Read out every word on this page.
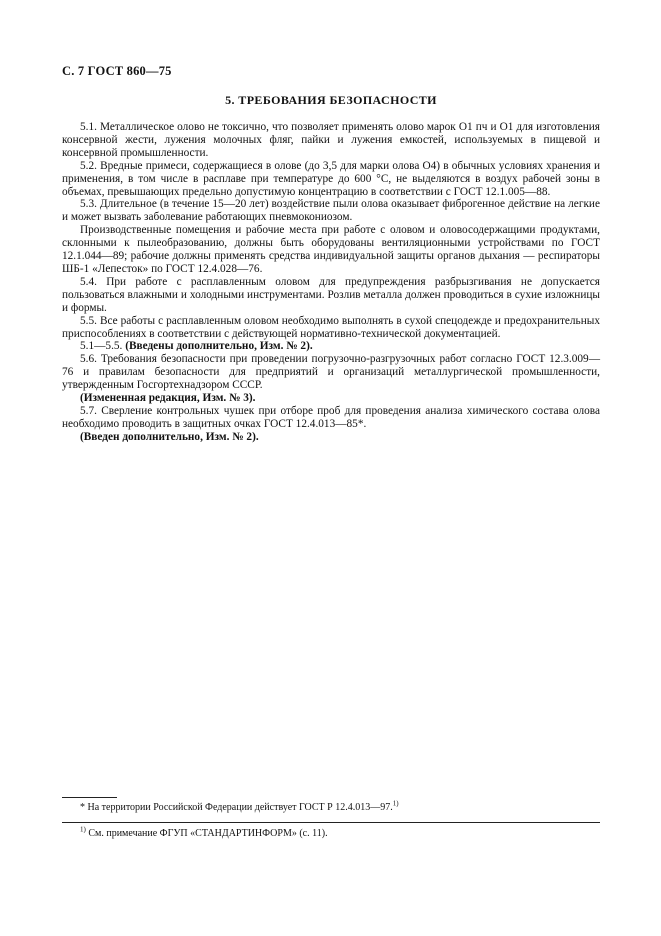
С. 7 ГОСТ 860—75
5. ТРЕБОВАНИЯ БЕЗОПАСНОСТИ

5.1. Металлическое олово не токсично, что позволяет применять олово марок О1 пч и О1 для изготовления консервной жести, лужения молочных фляг, пайки и лужения емкостей, используемых в пищевой и консервной промышленности.

5.2. Вредные примеси, содержащиеся в олове (до 3,5 для марки олова О4) в обычных условиях хранения и применения, в том числе в расплаве при температуре до 600 °С, не выделяются в воздух рабочей зоны в объемах, превышающих предельно допустимую концентрацию в соответствии с ГОСТ 12.1.005—88.

5.3. Длительное (в течение 15—20 лет) воздействие пыли олова оказывает фиброгенное действие на легкие и может вызвать заболевание работающих пневмокониозом.

Производственные помещения и рабочие места при работе с оловом и оловосодержащими продуктами, склонными к пылеобразованию, должны быть оборудованы вентиляционными устройствами по ГОСТ 12.1.044—89; рабочие должны применять средства индивидуальной защиты органов дыхания — респираторы ШБ-1 «Лепесток» по ГОСТ 12.4.028—76.

5.4. При работе с расплавленным оловом для предупреждения разбрызгивания не допускается пользоваться влажными и холодными инструментами. Розлив металла должен проводиться в сухие изложницы и формы.

5.5. Все работы с расплавленным оловом необходимо выполнять в сухой спецодежде и предохранительных приспособлениях в соответствии с действующей нормативно-технической документацией.

5.1—5.5. (Введены дополнительно, Изм. № 2).

5.6. Требования безопасности при проведении погрузочно-разгрузочных работ согласно ГОСТ 12.3.009—76 и правилам безопасности для предприятий и организаций металлургической промышленности, утвержденным Госгортехнадзором СССР.

(Измененная редакция, Изм. № 3).

5.7. Сверление контрольных чушек при отборе проб для проведения анализа химического состава олова необходимо проводить в защитных очках ГОСТ 12.4.013—85*.

(Введен дополнительно, Изм. № 2).

* На территории Российской Федерации действует ГОСТ Р 12.4.013—97.$^{1)}$
$^{1)}$ См. примечание ФГУП «СТАНДАРТИНФОРМ» (с. 11).
